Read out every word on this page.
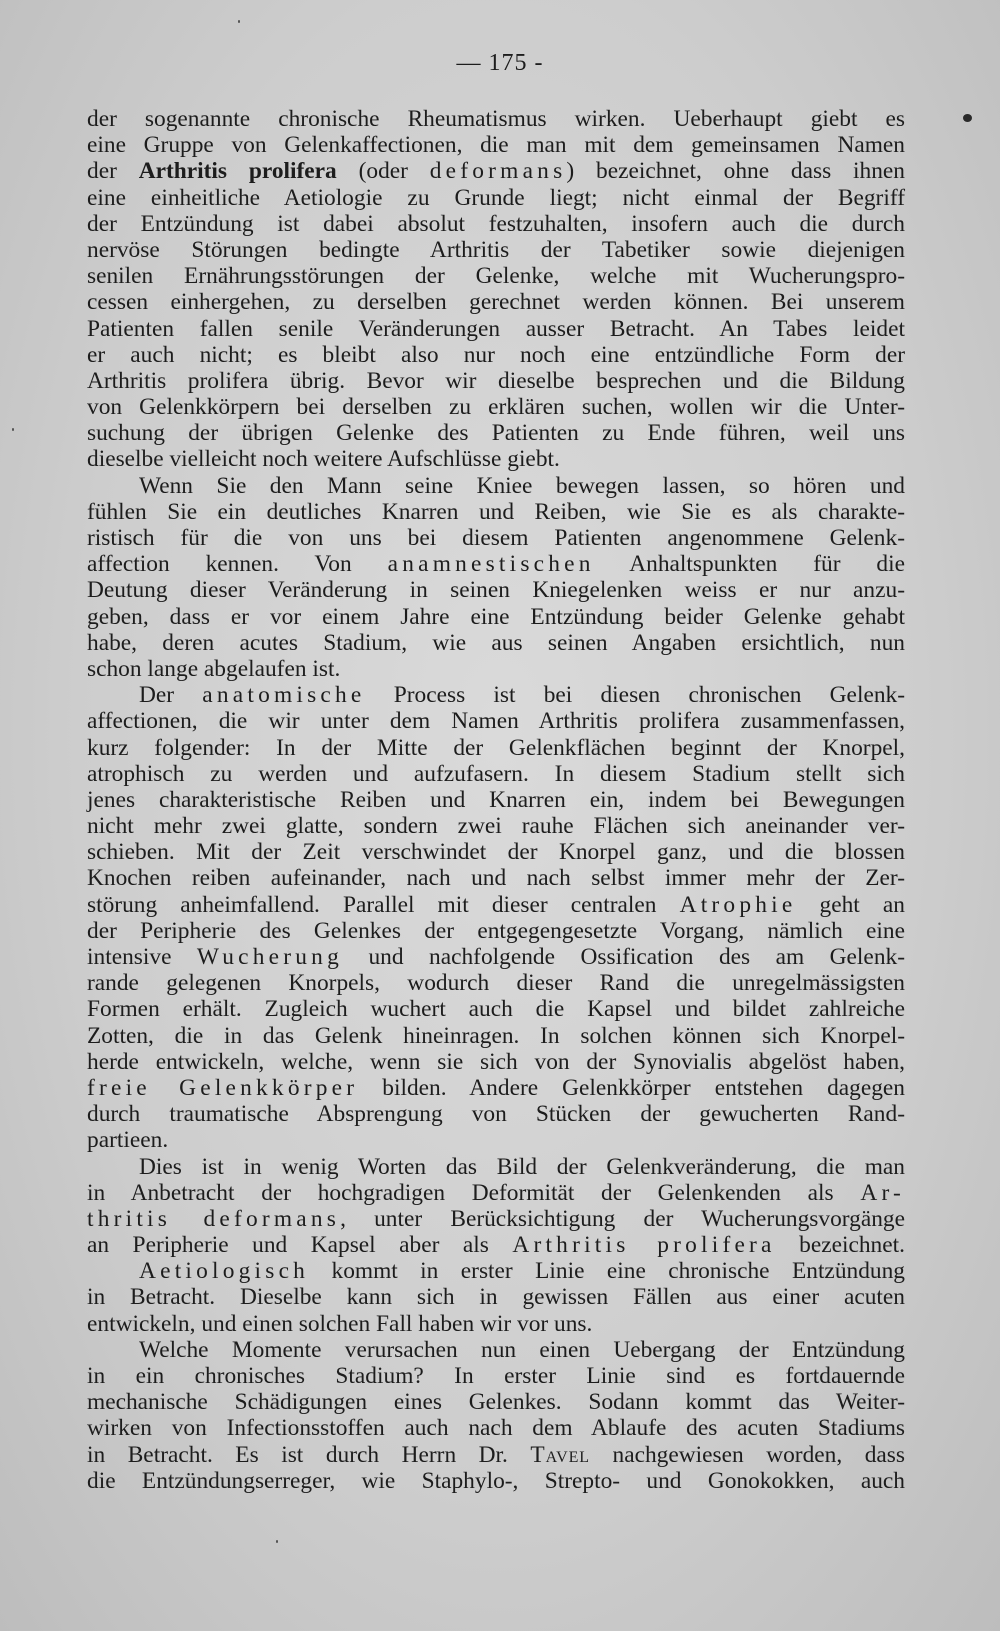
— 175 -
der sogenannte chronische Rheumatismus wirken. Ueberhaupt giebt es
eine Gruppe von Gelenkaffectionen, die man mit dem gemeinsamen Namen
der Arthritis prolifera (oder deformans) bezeichnet, ohne dass ihnen
eine einheitliche Aetiologie zu Grunde liegt; nicht einmal der Begriff
der Entzündung ist dabei absolut festzuhalten, insofern auch die durch
nervöse Störungen bedingte Arthritis der Tabetiker sowie diejenigen
senilen Ernährungsstörungen der Gelenke, welche mit Wucherungspro-
cessen einhergehen, zu derselben gerechnet werden können. Bei unserem
Patienten fallen senile Veränderungen ausser Betracht. An Tabes leidet
er auch nicht; es bleibt also nur noch eine entzündliche Form der
Arthritis prolifera übrig. Bevor wir dieselbe besprechen und die Bildung
von Gelenkkörpern bei derselben zu erklären suchen, wollen wir die Unter-
suchung der übrigen Gelenke des Patienten zu Ende führen, weil uns
dieselbe vielleicht noch weitere Aufschlüsse giebt.
Wenn Sie den Mann seine Kniee bewegen lassen, so hören und
fühlen Sie ein deutliches Knarren und Reiben, wie Sie es als charakte-
ristisch für die von uns bei diesem Patienten angenommene Gelenk-
affection kennen. Von anamnestischen Anhaltspunkten für die
Deutung dieser Veränderung in seinen Kniegelenken weiss er nur anzu-
geben, dass er vor einem Jahre eine Entzündung beider Gelenke gehabt
habe, deren acutes Stadium, wie aus seinen Angaben ersichtlich, nun
schon lange abgelaufen ist.
Der anatomische Process ist bei diesen chronischen Gelenk-
affectionen, die wir unter dem Namen Arthritis prolifera zusammenfassen,
kurz folgender: In der Mitte der Gelenkflächen beginnt der Knorpel,
atrophisch zu werden und aufzufasern. In diesem Stadium stellt sich
jenes charakteristische Reiben und Knarren ein, indem bei Bewegungen
nicht mehr zwei glatte, sondern zwei rauhe Flächen sich aneinander ver-
schieben. Mit der Zeit verschwindet der Knorpel ganz, und die blossen
Knochen reiben aufeinander, nach und nach selbst immer mehr der Zer-
störung anheimfallend. Parallel mit dieser centralen Atrophie geht an
der Peripherie des Gelenkes der entgegengesetzte Vorgang, nämlich eine
intensive Wucherung und nachfolgende Ossification des am Gelenk-
rande gelegenen Knorpels, wodurch dieser Rand die unregelmässigsten
Formen erhält. Zugleich wuchert auch die Kapsel und bildet zahlreiche
Zotten, die in das Gelenk hineinragen. In solchen können sich Knorpel-
herde entwickeln, welche, wenn sie sich von der Synovialis abgelöst haben,
freie Gelenkkörper bilden. Andere Gelenkkörper entstehen dagegen
durch traumatische Absprengung von Stücken der gewucherten Rand-
partieen.
Dies ist in wenig Worten das Bild der Gelenkveränderung, die man
in Anbetracht der hochgradigen Deformität der Gelenkenden als Ar-
thritis deformans, unter Berücksichtigung der Wucherungsvorgänge
an Peripherie und Kapsel aber als Arthritis prolifera bezeichnet.
Aetiologisch kommt in erster Linie eine chronische Entzündung
in Betracht. Dieselbe kann sich in gewissen Fällen aus einer acuten
entwickeln, und einen solchen Fall haben wir vor uns.
Welche Momente verursachen nun einen Uebergang der Entzündung
in ein chronisches Stadium? In erster Linie sind es fortdauernde
mechanische Schädigungen eines Gelenkes. Sodann kommt das Weiter-
wirken von Infectionsstoffen auch nach dem Ablaufe des acuten Stadiums
in Betracht. Es ist durch Herrn Dr. Tavel nachgewiesen worden, dass
die Entzündungserreger, wie Staphylo-, Strepto- und Gonokokken, auch
